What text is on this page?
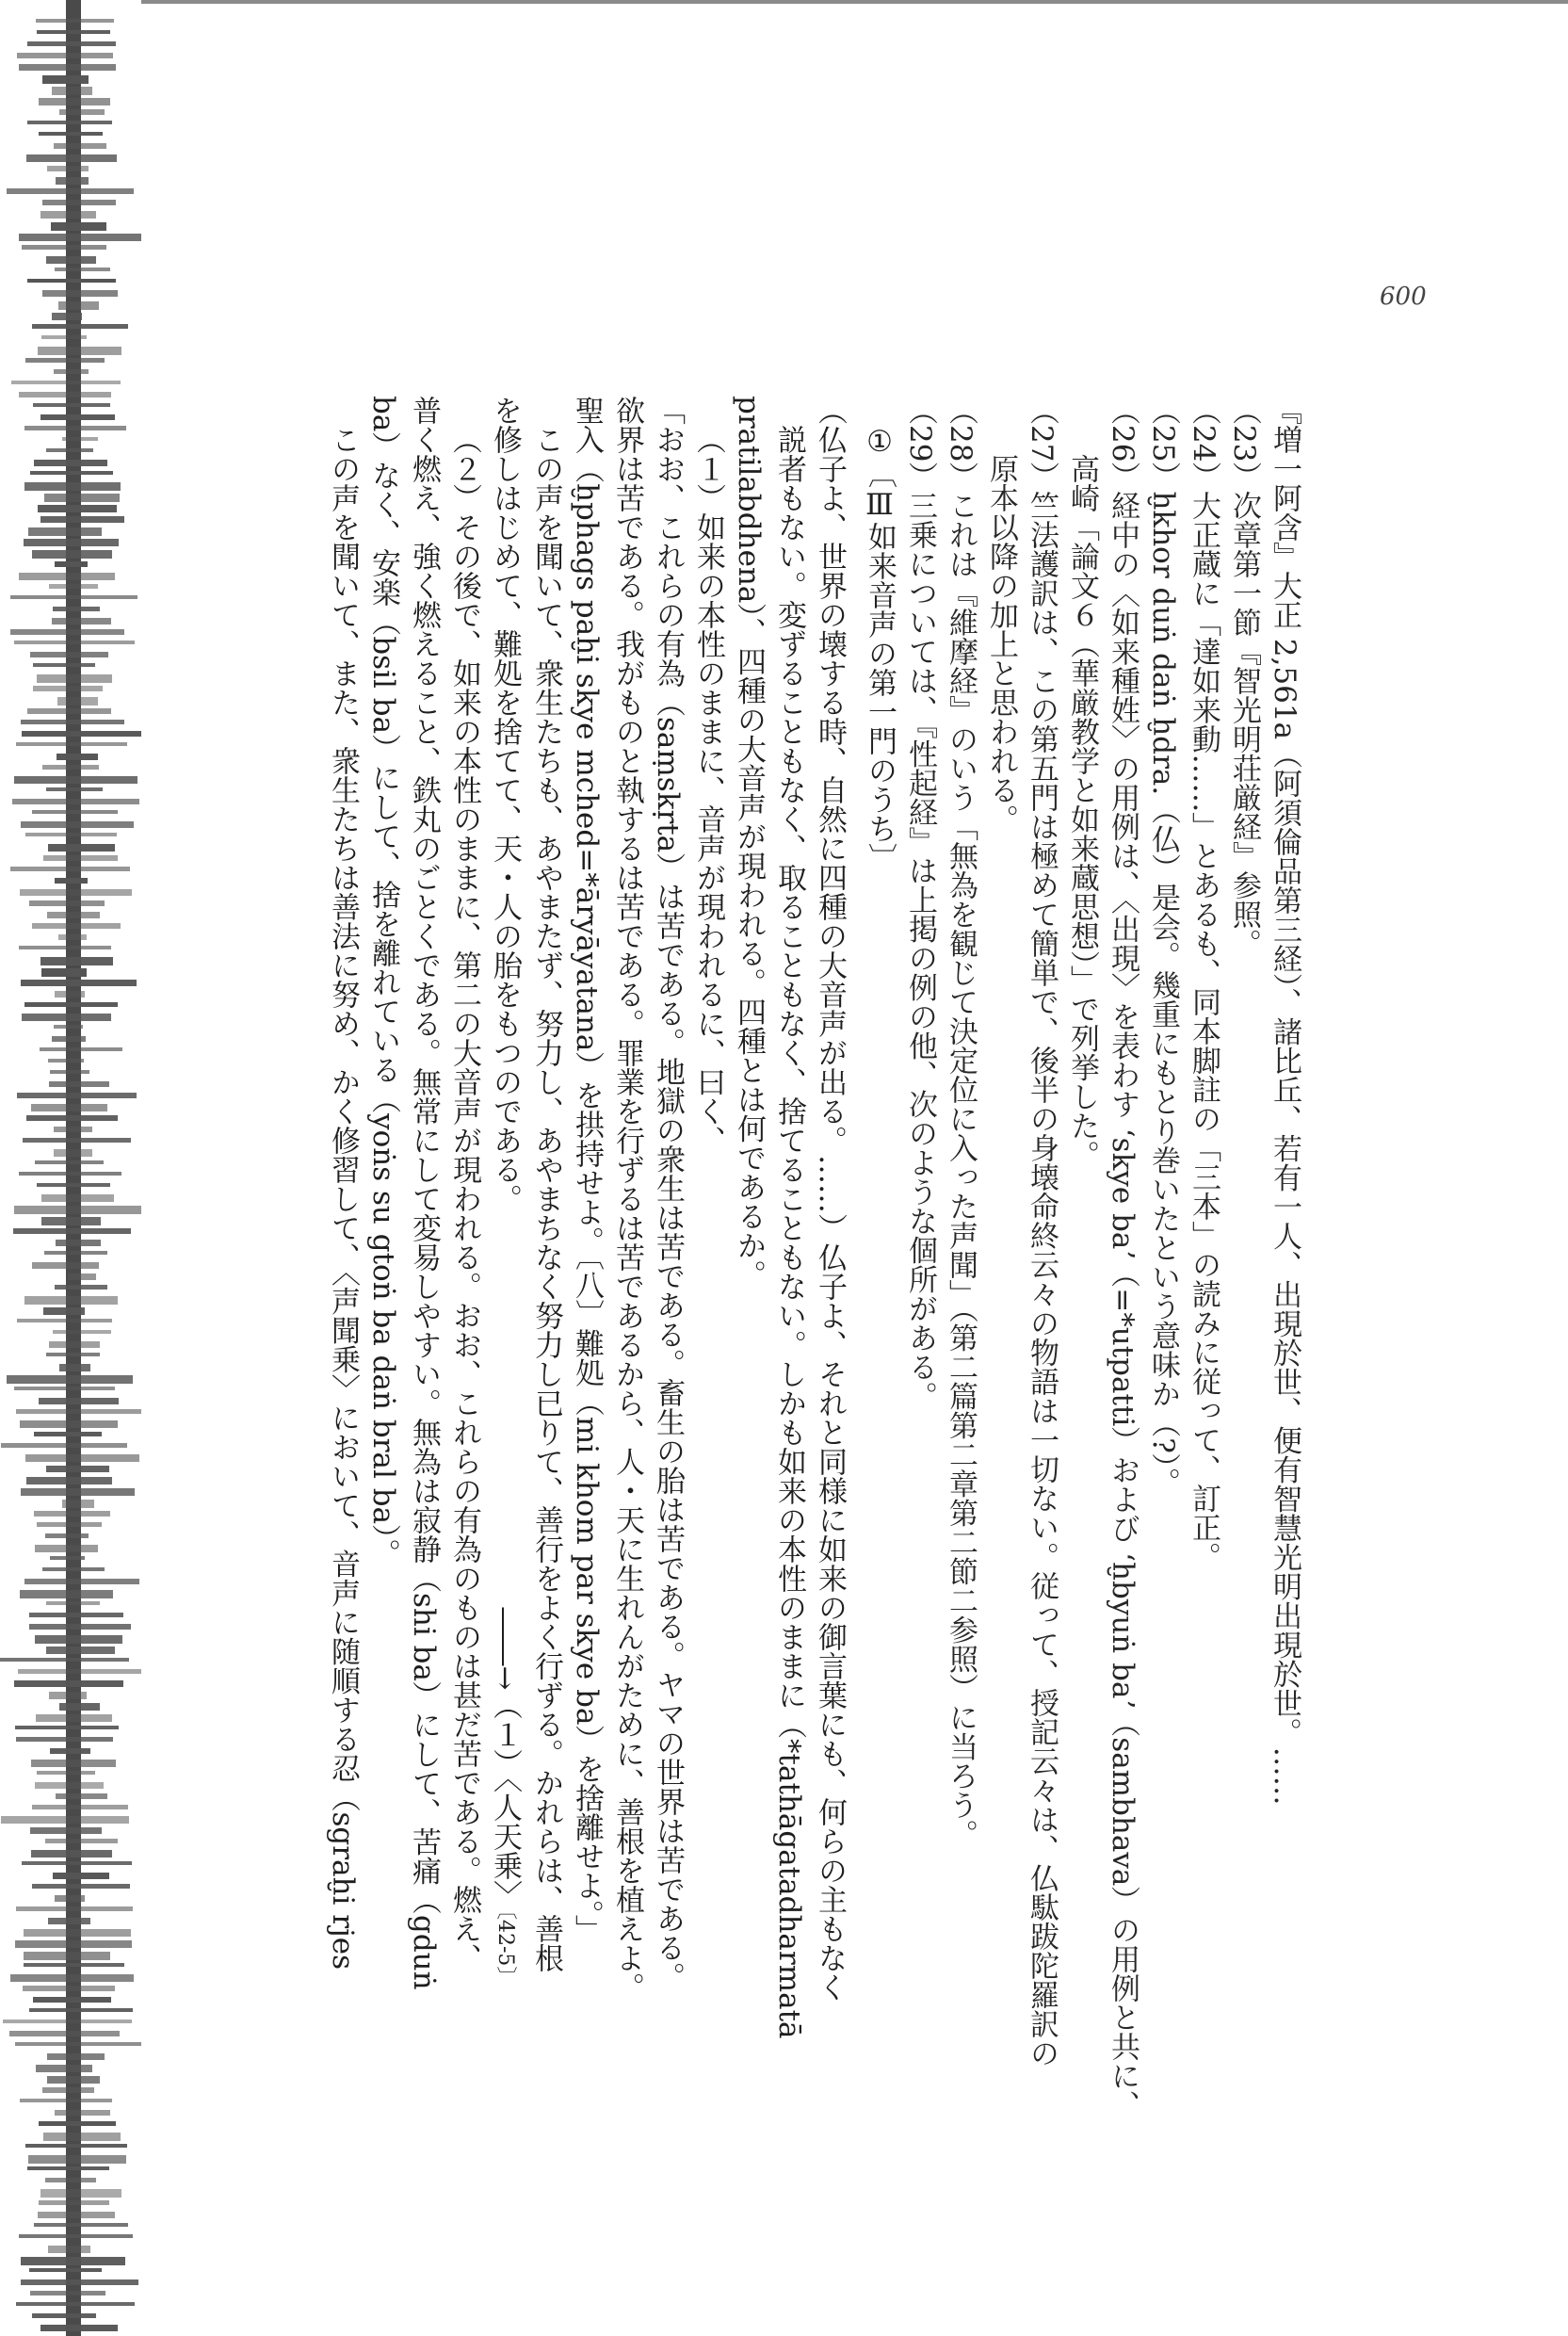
600
『増一阿含』大正 2,561a（阿須倫品第三経）、諸比丘、若有一人、出現於世、便有智慧光明出現於世。……
（23）次章第一節『智光明荘厳経』参照。
（24）大正蔵に「達如来動……」とあるも、同本脚註の「三本」の読みに従って、訂正。
（25）ḫkhor duṅ daṅ ḫdra.（仏）是会。幾重にもとり巻いたという意味か（?）。
（26）経中の〈如来種姓〉の用例は、〈出現〉を表わす ʻskye baʼ（=*utpatti）および ʻḫbyuṅ baʼ（sambhava）の用例と共に、
高崎「論文６（華厳教学と如来蔵思想）」で列挙した。
（27）竺法護訳は、この第五門は極めて簡単で、後半の身壊命終云々の物語は一切ない。従って、授記云々は、仏駄跋陀羅訳の
原本以降の加上と思われる。
（28）これは『維摩経』のいう「無為を観じて決定位に入った声聞」（第二篇第二章第二節二参照）に当ろう。
（29）三乗については、『性起経』は上掲の例の他、次のような個所がある。
①〔Ⅲ如来音声の第一門のうち〕
（仏子よ、世界の壊する時、自然に四種の大音声が出る。……）仏子よ、それと同様に如来の御言葉にも、何らの主もなく
説者もない。変ずることもなく、取ることもなく、捨てることもない。しかも如来の本性のままに（*tathāgatadharmatā
pratilabdhena）、四種の大音声が現われる。四種とは何であるか。
（１）如来の本性のままに、音声が現われるに、曰く、
「おお、これらの有為（saṃskṛta）は苦である。地獄の衆生は苦である。畜生の胎は苦である。ヤマの世界は苦である。
欲界は苦である。我がものと執するは苦である。罪業を行ずるは苦であるから、人・天に生れんがために、善根を植えよ。
聖入（ḫphags paḫi skye mched=*āryāyatana）を拱持せよ。〔八〕難処（mi khom par skye ba）を捨離せよ。」
この声を聞いて、衆生たちも、あやまたず、努力し、あやまちなく努力し已りて、善行をよく行ずる。かれらは、善根
を修しはじめて、難処を捨てて、天・人の胎をもつのである。　　　　　　　　　　　　　　――→（１）〈人天乗〉〔42-5〕
（２）その後で、如来の本性のままに、第二の大音声が現われる。おお、これらの有為のものは甚だ苦である。燃え、
普く燃え、強く燃えること、鉄丸のごとくである。無常にして変易しやすい。無為は寂静（shi ba）にして、苦痛（gduṅ
ba）なく、安楽（bsil ba）にして、捨を離れている（yoṅs su gtoṅ ba daṅ bral ba）。
この声を聞いて、また、衆生たちは善法に努め、かく修習して、〈声聞乗〉において、音声に随順する忍（sgraḫi rjes
